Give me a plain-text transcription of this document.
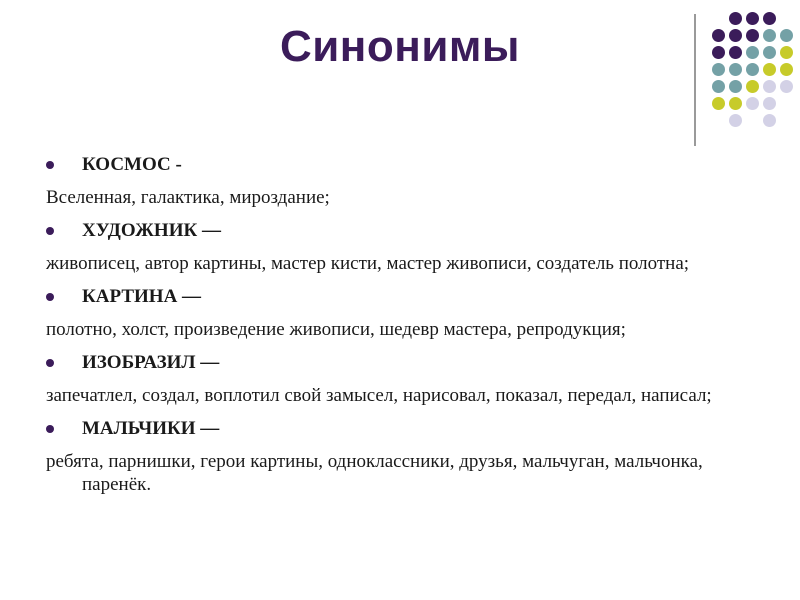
Синонимы
КОСМОС -
Вселенная, галактика, мироздание;
ХУДОЖНИК —
живописец, автор картины, мастер кисти, мастер живописи, создатель полотна;
КАРТИНА —
полотно, холст, произведение живописи, шедевр мастера, репродукция;
ИЗОБРАЗИЛ —
запечатлел, создал, воплотил свой замысел, нарисовал, показал, передал, написал;
МАЛЬЧИКИ —
ребята, парнишки, герои картины, одноклассники, друзья, мальчуган, мальчонка, паренёк.
